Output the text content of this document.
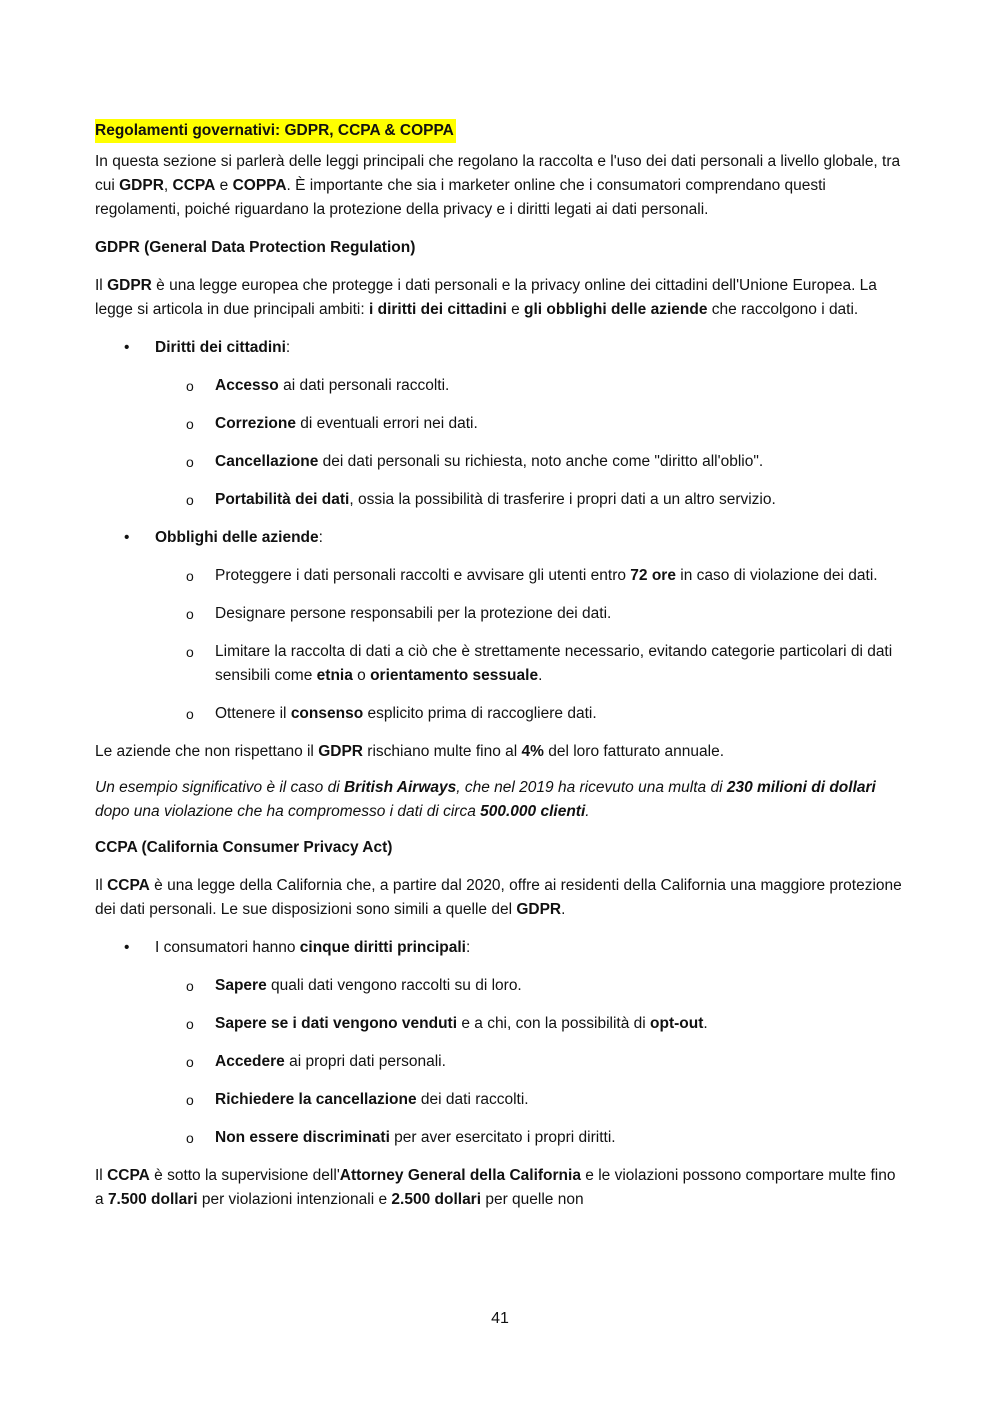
Regolamenti governativi: GDPR, CCPA & COPPA

In questa sezione si parlerà delle leggi principali che regolano la raccolta e l'uso dei dati personali a livello globale, tra cui GDPR, CCPA e COPPA. È importante che sia i marketer online che i consumatori comprendano questi regolamenti, poiché riguardano la protezione della privacy e i diritti legati ai dati personali.

GDPR (General Data Protection Regulation)

Il GDPR è una legge europea che protegge i dati personali e la privacy online dei cittadini dell'Unione Europea. La legge si articola in due principali ambiti: i diritti dei cittadini e gli obblighi delle aziende che raccolgono i dati.

• Diritti dei cittadini:
o Accesso ai dati personali raccolti.
o Correzione di eventuali errori nei dati.
o Cancellazione dei dati personali su richiesta, noto anche come "diritto all'oblio".
o Portabilità dei dati, ossia la possibilità di trasferire i propri dati a un altro servizio.
• Obblighi delle aziende:
o Proteggere i dati personali raccolti e avvisare gli utenti entro 72 ore in caso di violazione dei dati.
o Designare persone responsabili per la protezione dei dati.
o Limitare la raccolta di dati a ciò che è strettamente necessario, evitando categorie particolari di dati sensibili come etnia o orientamento sessuale.
o Ottenere il consenso esplicito prima di raccogliere dati.

Le aziende che non rispettano il GDPR rischiano multe fino al 4% del loro fatturato annuale.

Un esempio significativo è il caso di British Airways, che nel 2019 ha ricevuto una multa di 230 milioni di dollari dopo una violazione che ha compromesso i dati di circa 500.000 clienti.

CCPA (California Consumer Privacy Act)

Il CCPA è una legge della California che, a partire dal 2020, offre ai residenti della California una maggiore protezione dei dati personali. Le sue disposizioni sono simili a quelle del GDPR.

• I consumatori hanno cinque diritti principali:
o Sapere quali dati vengono raccolti su di loro.
o Sapere se i dati vengono venduti e a chi, con la possibilità di opt-out.
o Accedere ai propri dati personali.
o Richiedere la cancellazione dei dati raccolti.
o Non essere discriminati per aver esercitato i propri diritti.

Il CCPA è sotto la supervisione dell'Attorney General della California e le violazioni possono comportare multe fino a 7.500 dollari per violazioni intenzionali e 2.500 dollari per quelle non

41
